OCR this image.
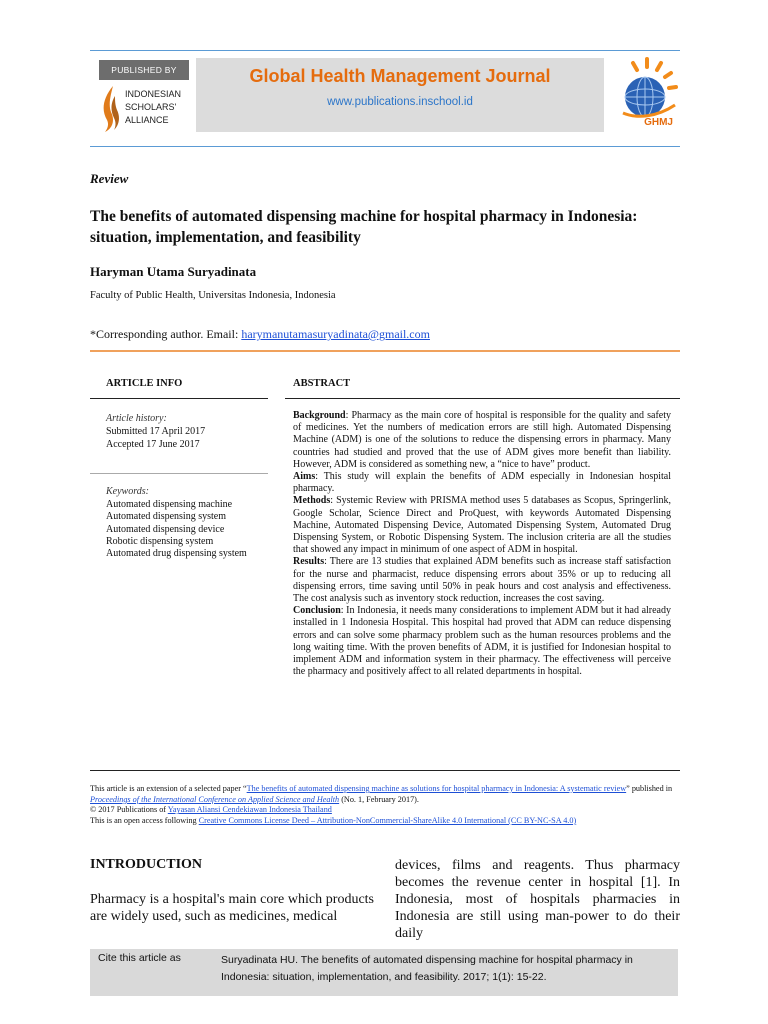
PUBLISHED BY
INDONESIAN
SCHOLARS'
ALLIANCE
Global Health Management Journal
www.publications.inschool.id
GHMJ
Review
The benefits of automated dispensing machine for hospital pharmacy in Indonesia: situation, implementation, and feasibility
Haryman Utama Suryadinata
Faculty of Public Health, Universitas Indonesia, Indonesia
*Corresponding author. Email: harymanutamasuryadinata@gmail.com
ARTICLE INFO	ABSTRACT
Article history:
Submitted 17 April 2017
Accepted 17 June 2017
Keywords:
Automated dispensing machine
Automated dispensing system
Automated dispensing device
Robotic dispensing system
Automated drug dispensing system

Background: Pharmacy as the main core of hospital is responsible for the quality and safety of medicines. Yet the numbers of medication errors are still high. Automated Dispensing Machine (ADM) is one of the solutions to reduce the dispensing errors in pharmacy. Many countries had studied and proved that the use of ADM gives more benefit than liability. However, ADM is considered as something new, a “nice to have” product.

Aims: This study will explain the benefits of ADM especially in Indonesian hospital pharmacy.

Methods: Systemic Review with PRISMA method uses 5 databases as Scopus, Springerlink, Google Scholar, Science Direct and ProQuest, with keywords Automated Dispensing Machine, Automated Dispensing Device, Automated Dispensing System, Automated Drug Dispensing System, or Robotic Dispensing System. The inclusion criteria are all the studies that showed any impact in minimum of one aspect of ADM in hospital.

Results: There are 13 studies that explained ADM benefits such as increase staff satisfaction for the nurse and pharmacist, reduce dispensing errors about 35% or up to reducing all dispensing errors, time saving until 50% in peak hours and cost analysis and effectiveness. The cost analysis such as inventory stock reduction, increases the cost saving.

Conclusion: In Indonesia, it needs many considerations to implement ADM but it had already installed in 1 Indonesia Hospital. This hospital had proved that ADM can reduce dispensing errors and can solve some pharmacy problem such as the human resources problems and the long waiting time. With the proven benefits of ADM, it is justified for Indonesian hospital to implement ADM and information system in their pharmacy. The effectiveness will perceive the pharmacy and positively affect to all related departments in hospital.

This article is an extension of a selected paper “The benefits of automated dispensing machine as solutions for hospital pharmacy in Indonesia: A systematic review” published in Proceedings of the International Conference on Applied Science and Health (No. 1, February 2017).

© 2017 Publications of Yayasan Aliansi Cendekiawan Indonesia Thailand

This is an open access following Creative Commons License Deed – Attribution-NonCommercial-ShareAlike 4.0 International (CC BY-NC-SA 4.0)

INTRODUCTION
Pharmacy is a hospital's main core which products are widely used, such as medicines, medical
devices, films and reagents. Thus pharmacy becomes the revenue center in hospital [1]. In Indonesia, most of hospitals pharmacies in Indonesia are still using man-power to do their daily
Cite this article as	Suryadinata HU. The benefits of automated dispensing machine for hospital pharmacy in Indonesia: situation, implementation, and feasibility. 2017; 1(1): 15-22.
